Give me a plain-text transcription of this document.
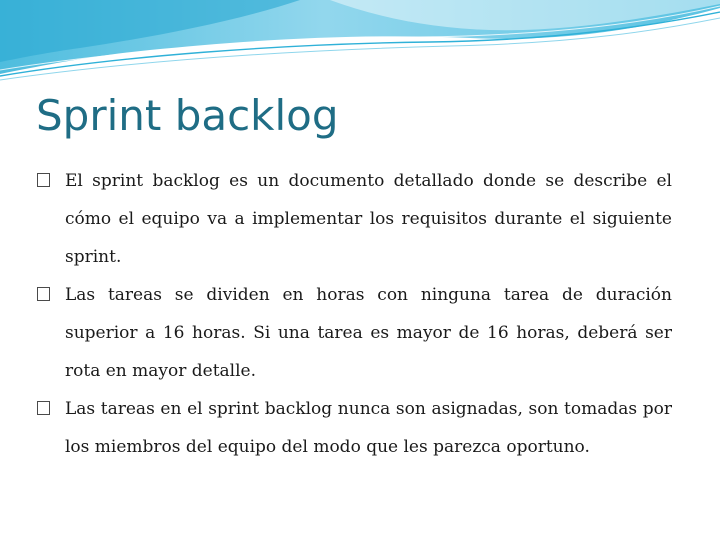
Sprint backlog
El sprint backlog es un documento detallado donde se describe el cómo el equipo va a implementar los requisitos durante el siguiente sprint.
Las tareas se dividen en horas con ninguna tarea de duración superior a 16 horas. Si una tarea es mayor de 16 horas, deberá ser rota en mayor detalle.
Las tareas en el sprint backlog nunca son asignadas, son tomadas por los miembros del equipo del modo que les parezca oportuno.
